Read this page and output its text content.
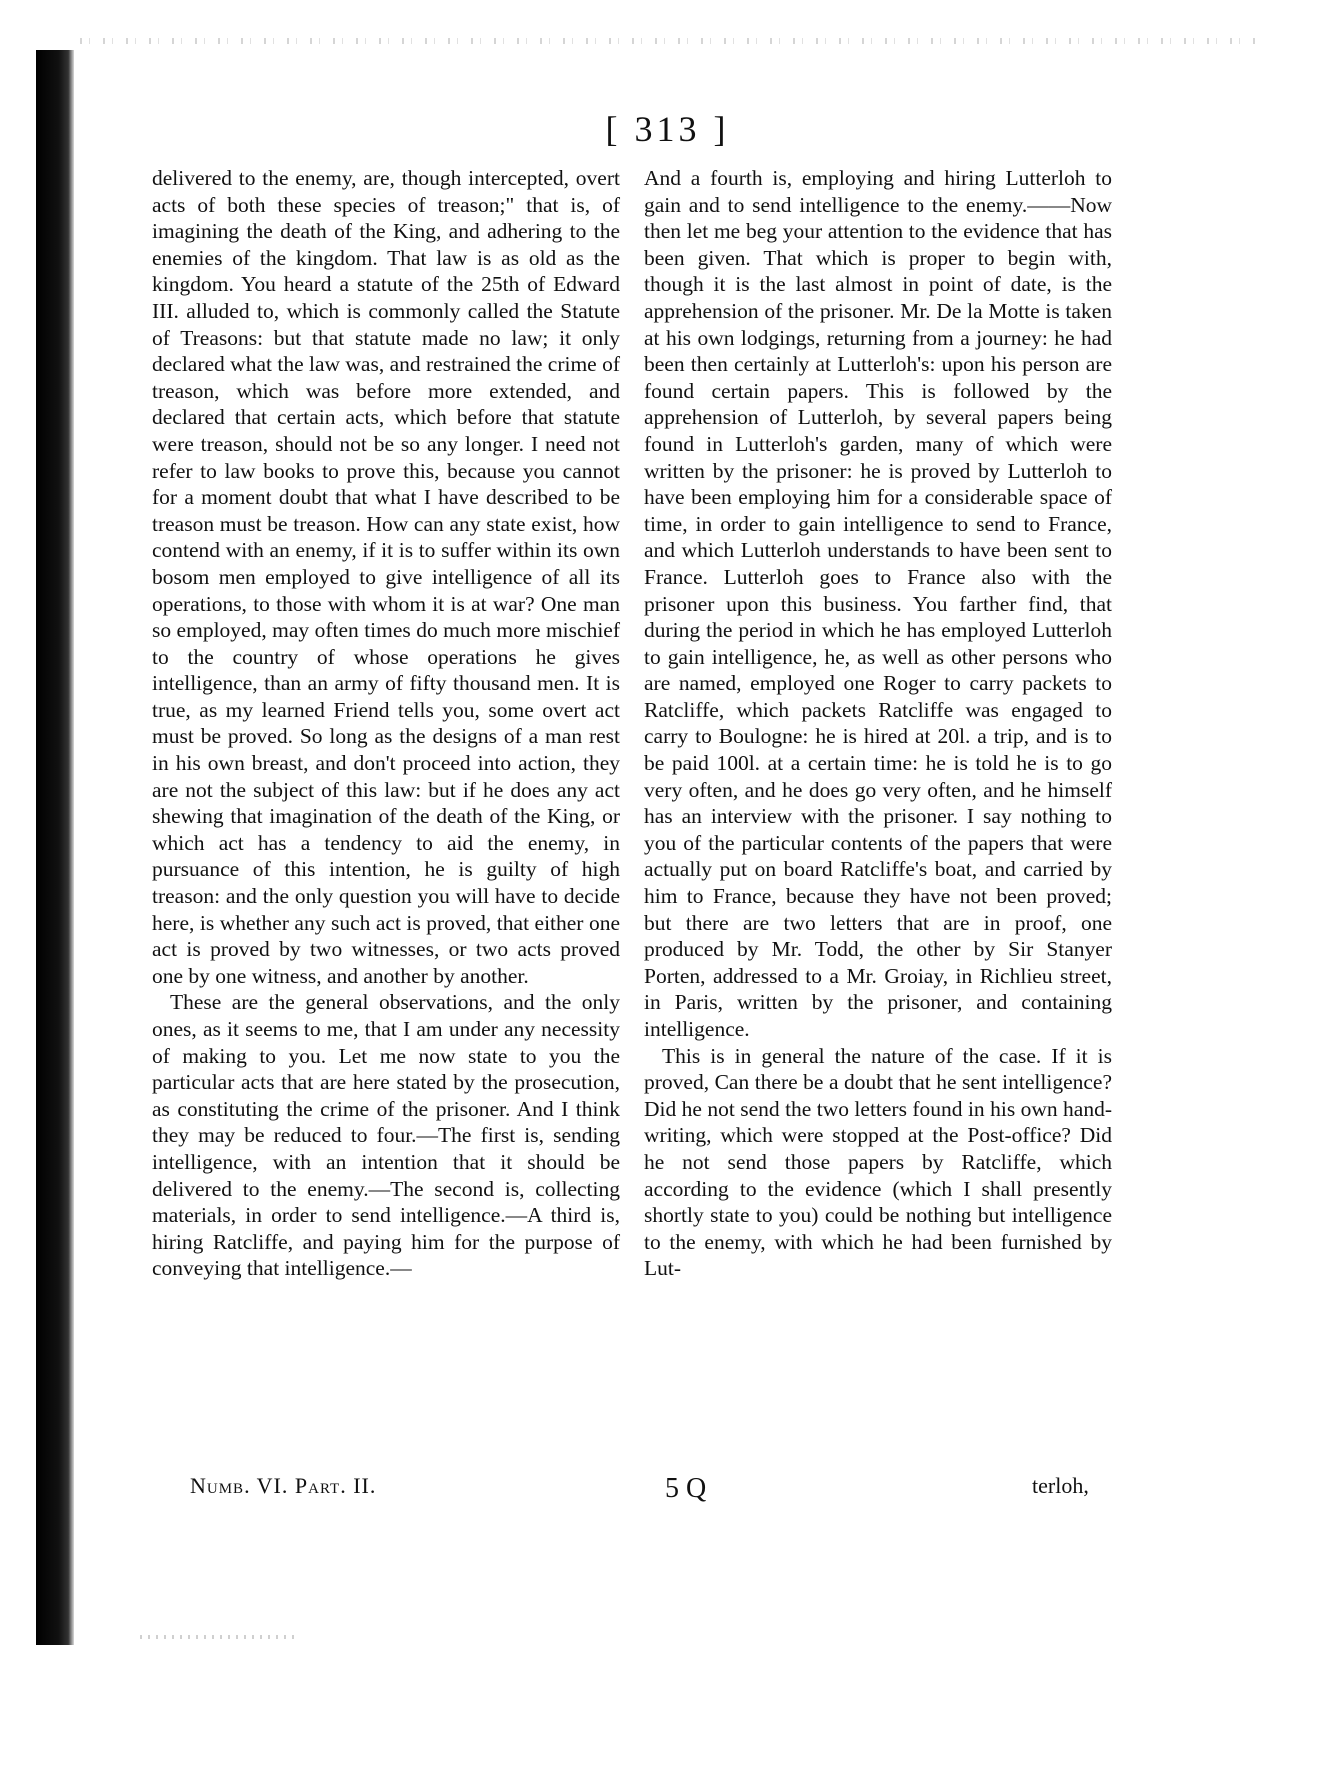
[ 313 ]

delivered to the enemy, are, though intercepted, overt acts of both these species of treason;" that is, of imagining the death of the King, and adhering to the enemies of the kingdom. That law is as old as the kingdom. You heard a statute of the 25th of Edward III. alluded to, which is commonly called the Statute of Treasons: but that statute made no law; it only declared what the law was, and restrained the crime of treason, which was before more extended, and declared that certain acts, which before that statute were treason, should not be so any longer. I need not refer to law books to prove this, because you cannot for a moment doubt that what I have described to be treason must be treason. How can any state exist, how contend with an enemy, if it is to suffer within its own bosom men employed to give intelligence of all its operations, to those with whom it is at war? One man so employed, may often times do much more mischief to the country of whose operations he gives intelligence, than an army of fifty thousand men. It is true, as my learned Friend tells you, some overt act must be proved. So long as the designs of a man rest in his own breast, and don't proceed into action, they are not the subject of this law: but if he does any act shewing that imagination of the death of the King, or which act has a tendency to aid the enemy, in pursuance of this intention, he is guilty of high treason: and the only question you will have to decide here, is whether any such act is proved, that either one act is proved by two witnesses, or two acts proved one by one witness, and another by another.

These are the general observations, and the only ones, as it seems to me, that I am under any necessity of making to you. Let me now state to you the particular acts that are here stated by the prosecution, as constituting the crime of the prisoner. And I think they may be reduced to four.—The first is, sending intelligence, with an intention that it should be delivered to the enemy.—The second is, collecting materials, in order to send intelligence.—A third is, hiring Ratcliffe, and paying him for the purpose of conveying that intelligence.—

And a fourth is, employing and hiring Lutterloh to gain and to send intelligence to the enemy.——Now then let me beg your attention to the evidence that has been given. That which is proper to begin with, though it is the last almost in point of date, is the apprehension of the prisoner. Mr. De la Motte is taken at his own lodgings, returning from a journey: he had been then certainly at Lutterloh's: upon his person are found certain papers. This is followed by the apprehension of Lutterloh, by several papers being found in Lutterloh's garden, many of which were written by the prisoner: he is proved by Lutterloh to have been employing him for a considerable space of time, in order to gain intelligence to send to France, and which Lutterloh understands to have been sent to France. Lutterloh goes to France also with the prisoner upon this business. You farther find, that during the period in which he has employed Lutterloh to gain intelligence, he, as well as other persons who are named, employed one Roger to carry packets to Ratcliffe, which packets Ratcliffe was engaged to carry to Boulogne: he is hired at 20l. a trip, and is to be paid 100l. at a certain time: he is told he is to go very often, and he does go very often, and he himself has an interview with the prisoner. I say nothing to you of the particular contents of the papers that were actually put on board Ratcliffe's boat, and carried by him to France, because they have not been proved; but there are two letters that are in proof, one produced by Mr. Todd, the other by Sir Stanyer Porten, addressed to a Mr. Groiay, in Richlieu street, in Paris, written by the prisoner, and containing intelligence.

This is in general the nature of the case. If it is proved, Can there be a doubt that he sent intelligence? Did he not send the two letters found in his own hand-writing, which were stopped at the Post-office? Did he not send those papers by Ratcliffe, which according to the evidence (which I shall presently shortly state to you) could be nothing but intelligence to the enemy, with which he had been furnished by Lut-

Numb. VI. Part. II.	5 Q	terloh,
